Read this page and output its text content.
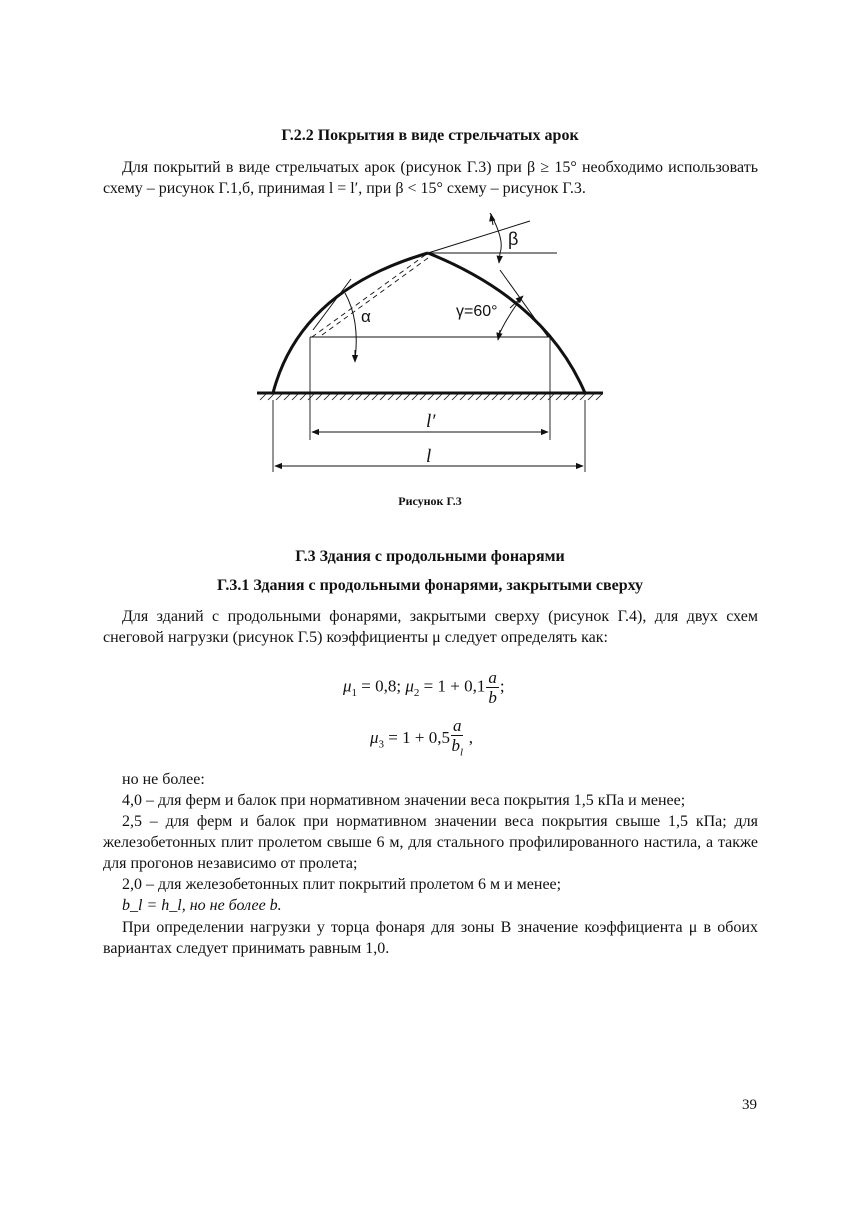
Г.2.2 Покрытия в виде стрельчатых арок
Для покрытий в виде стрельчатых арок (рисунок Г.3) при β ≥ 15° необходимо использовать схему – рисунок Г.1,б, принимая l = l′, при β < 15° схему – рисунок Г.3.
β
α	γ=60°
l′
l
Рисунок Г.3
Г.3 Здания с продольными фонарями
Г.3.1 Здания с продольными фонарями, закрытыми сверху
Для зданий с продольными фонарями, закрытыми сверху (рисунок Г.4), для двух схем снеговой нагрузки (рисунок Г.5) коэффициенты μ следует определять как:
$\mu_1 = 0,8$; $\mu_2 = 1 + 0,1 \frac{a}{b}$ ;
$\mu_3 = 1 + 0,5 \frac{a}{b_l}$ ,
но не более:
4,0 – для ферм и балок при нормативном значении веса покрытия 1,5 кПа и менее;
2,5 – для ферм и балок при нормативном значении веса покрытия свыше 1,5 кПа; для железобетонных плит пролетом свыше 6 м, для стального профилированного настила, а также для прогонов независимо от пролета;
2,0 – для железобетонных плит покрытий пролетом 6 м и менее;
b_l = h_l, но не более b.
При определении нагрузки у торца фонаря для зоны B значение коэффициента μ в обоих вариантах следует принимать равным 1,0.
39
